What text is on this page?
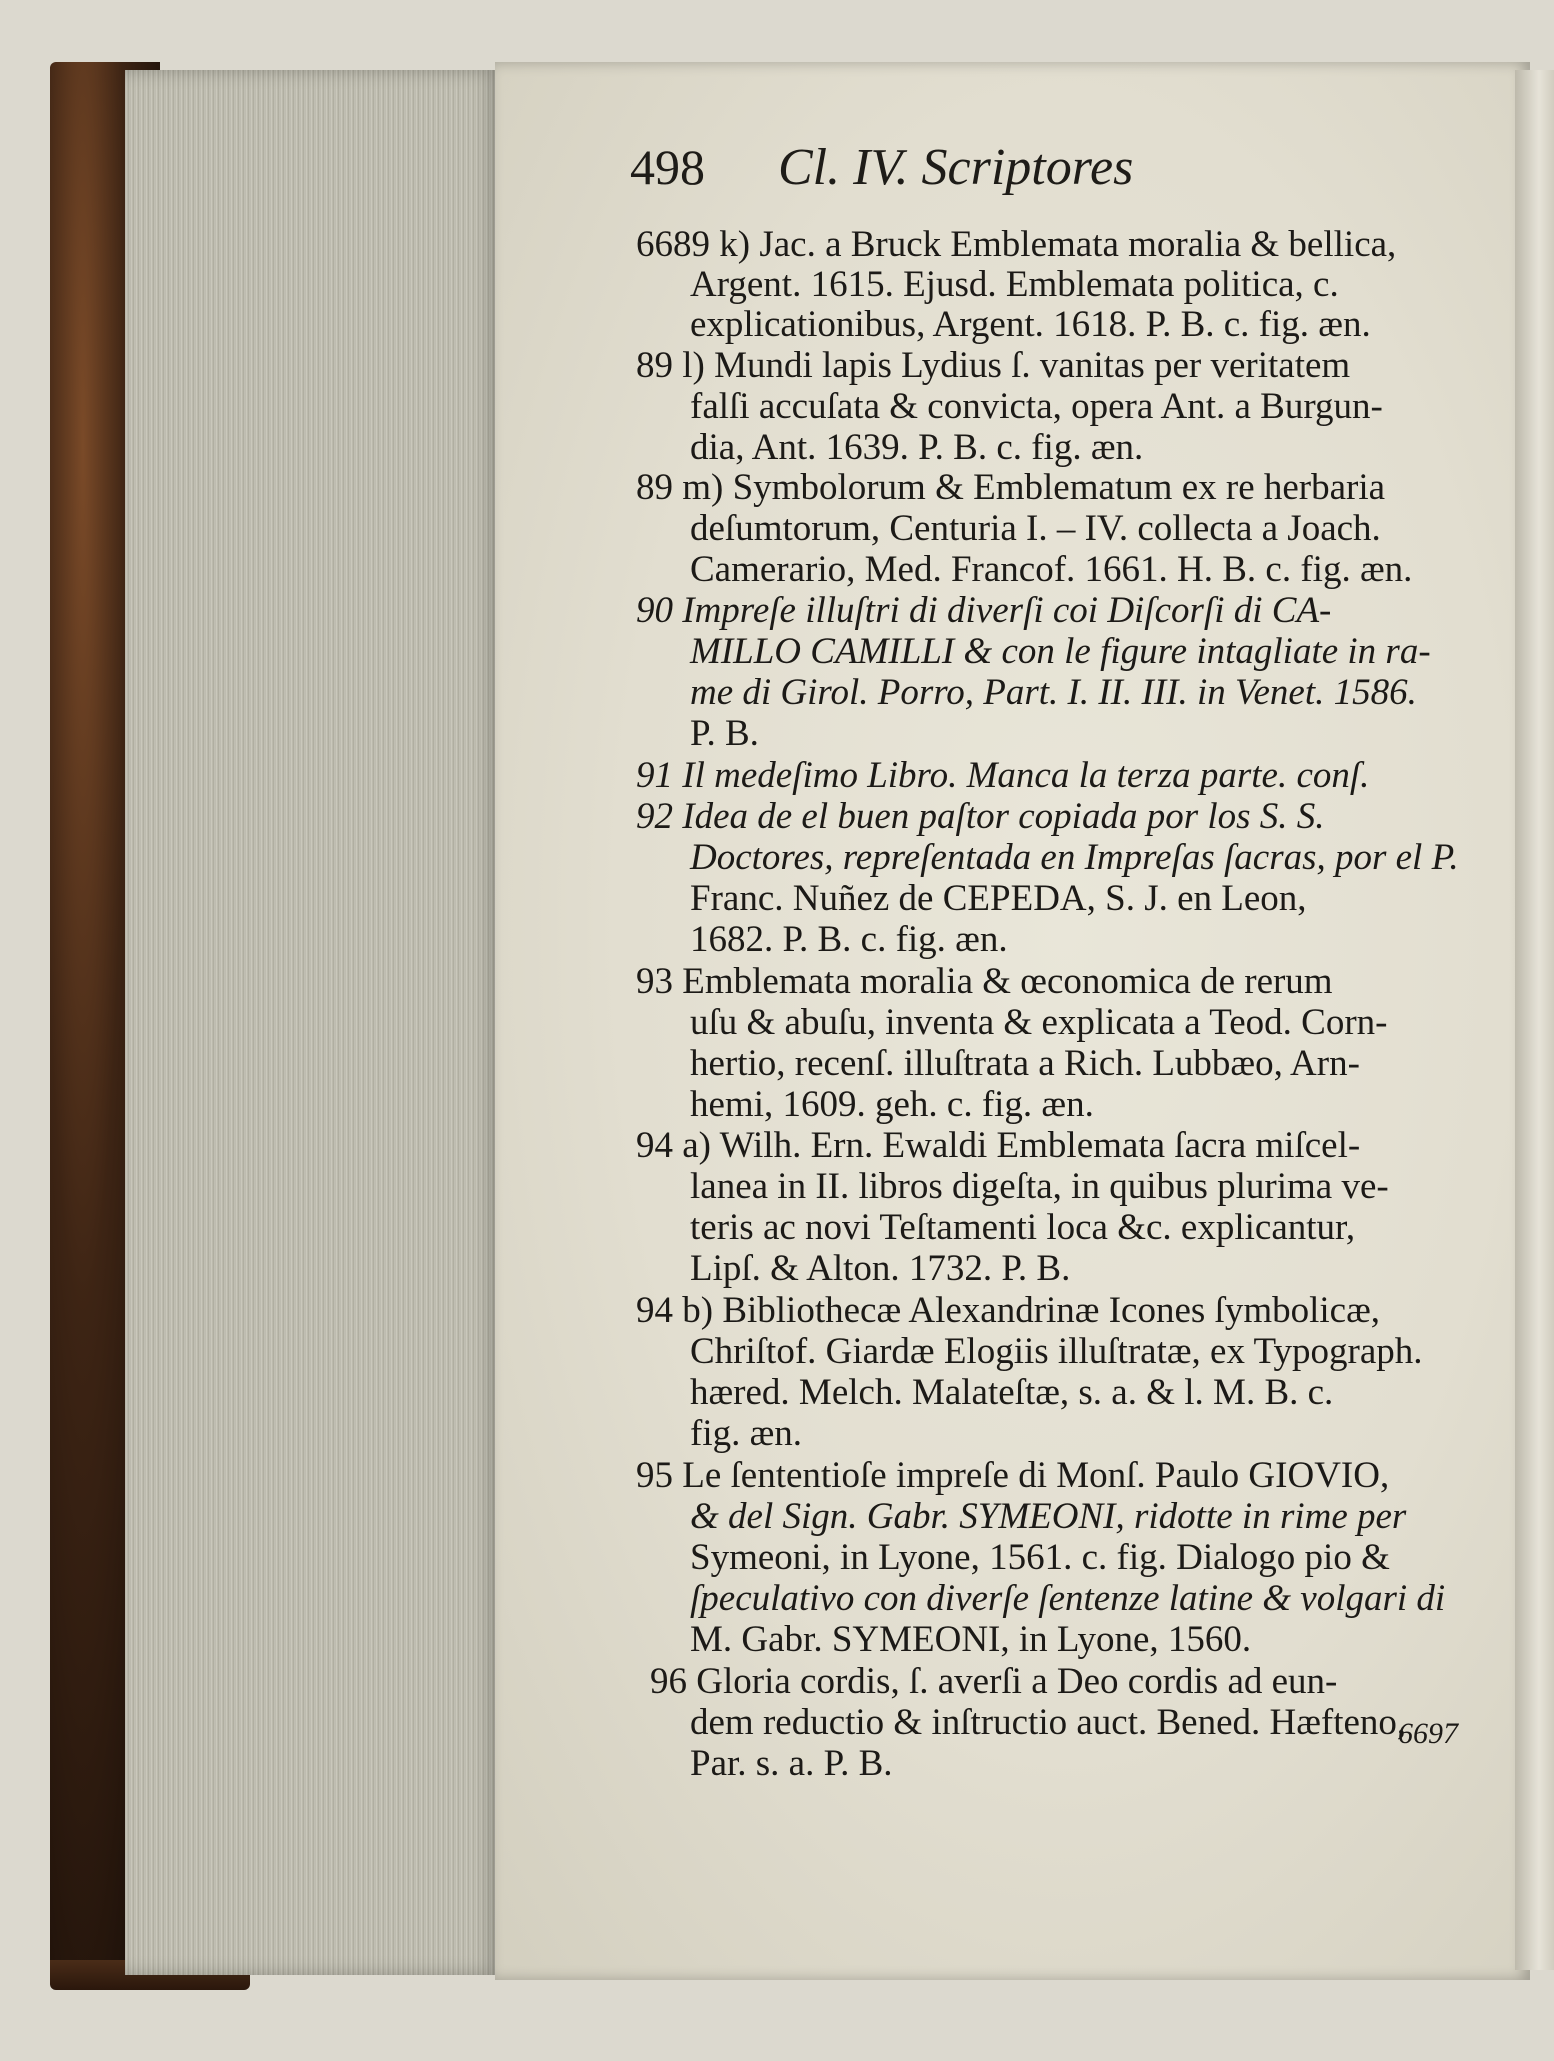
498 Cl. IV. Scriptores
6689 k) Jac. a Bruck Emblemata moralia & bellica,
Argent. 1615. Ejusd. Emblemata politica, c.
explicationibus, Argent. 1618. P. B. c. fig. æn.
89 l) Mundi lapis Lydius ſ. vanitas per veritatem
falſi accuſata & convicta, opera Ant. a Burgun-
dia, Ant. 1639. P. B. c. fig. æn.
89 m) Symbolorum & Emblematum ex re herbaria
deſumtorum, Centuria I. – IV. collecta a Joach.
Camerario, Med. Francof. 1661. H. B. c. fig. æn.
90 Impreſe illuſtri di diverſi coi Diſcorſi di CA-
MILLO CAMILLI & con le figure intagliate in ra-
me di Girol. Porro, Part. I. II. III. in Venet. 1586.
P. B.
91 Il medeſimo Libro. Manca la terza parte. conſ.
92 Idea de el buen paſtor copiada por los S. S.
Doctores, repreſentada en Impreſas ſacras, por el P.
Franc. Nuñez de CEPEDA, S. J. en Leon,
1682. P. B. c. fig. æn.
93 Emblemata moralia & œconomica de rerum
uſu & abuſu, inventa & explicata a Teod. Corn-
hertio, recenſ. illuſtrata a Rich. Lubbæo, Arn-
hemi, 1609. geh. c. fig. æn.
94 a) Wilh. Ern. Ewaldi Emblemata ſacra miſcel-
lanea in II. libros digeſta, in quibus plurima ve-
teris ac novi Teſtamenti loca &c. explicantur,
Lipſ. & Alton. 1732. P. B.
94 b) Bibliothecæ Alexandrinæ Icones ſymbolicæ,
Chriſtof. Giardæ Elogiis illuſtratæ, ex Typograph.
hæred. Melch. Malateſtæ, s. a. & l. M. B. c.
fig. æn.
95 Le ſententioſe impreſe di Monſ. Paulo GIOVIO,
& del Sign. Gabr. SYMEONI, ridotte in rime per
Symeoni, in Lyone, 1561. c. fig. Dialogo pio &
ſpeculativo con diverſe ſentenze latine & volgari di
M. Gabr. SYMEONI, in Lyone, 1560.
96 Gloria cordis, ſ. averſi a Deo cordis ad eun-
dem reductio & inſtructio auct. Bened. Hæfteno,
Par. s. a. P. B.
6697
